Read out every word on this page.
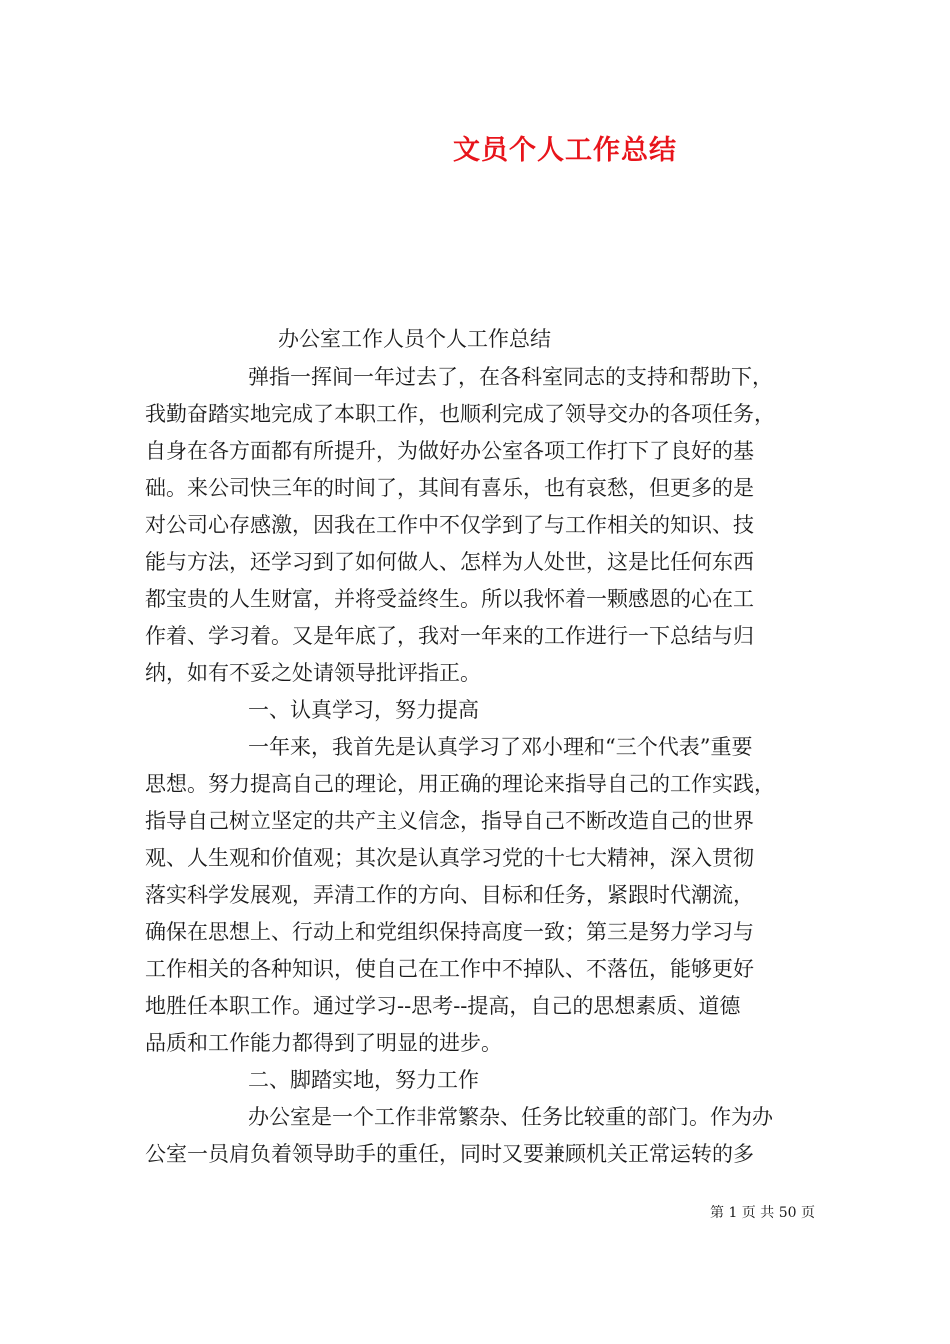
文员个人工作总结
办公室工作人员个人工作总结
弹指一挥间一年过去了，在各科室同志的支持和帮助下，
我勤奋踏实地完成了本职工作，也顺利完成了领导交办的各项任务，
自身在各方面都有所提升，为做好办公室各项工作打下了良好的基
础。来公司快三年的时间了，其间有喜乐，也有哀愁，但更多的是
对公司心存感激，因我在工作中不仅学到了与工作相关的知识、技
能与方法，还学习到了如何做人、怎样为人处世，这是比任何东西
都宝贵的人生财富，并将受益终生。所以我怀着一颗感恩的心在工
作着、学习着。又是年底了，我对一年来的工作进行一下总结与归
纳，如有不妥之处请领导批评指正。
一、认真学习，努力提高
一年来，我首先是认真学习了邓小理和“三个代表”重要
思想。努力提高自己的理论，用正确的理论来指导自己的工作实践，
指导自己树立坚定的共产主义信念，指导自己不断改造自己的世界
观、人生观和价值观；其次是认真学习党的十七大精神，深入贯彻
落实科学发展观，弄清工作的方向、目标和任务，紧跟时代潮流，
确保在思想上、行动上和党组织保持高度一致；第三是努力学习与
工作相关的各种知识，使自己在工作中不掉队、不落伍，能够更好
地胜任本职工作。通过学习--思考--提高，自己的思想素质、道德
品质和工作能力都得到了明显的进步。
二、脚踏实地，努力工作
办公室是一个工作非常繁杂、任务比较重的部门。作为办
公室一员肩负着领导助手的重任，同时又要兼顾机关正常运转的多
第 1 页 共 50 页
